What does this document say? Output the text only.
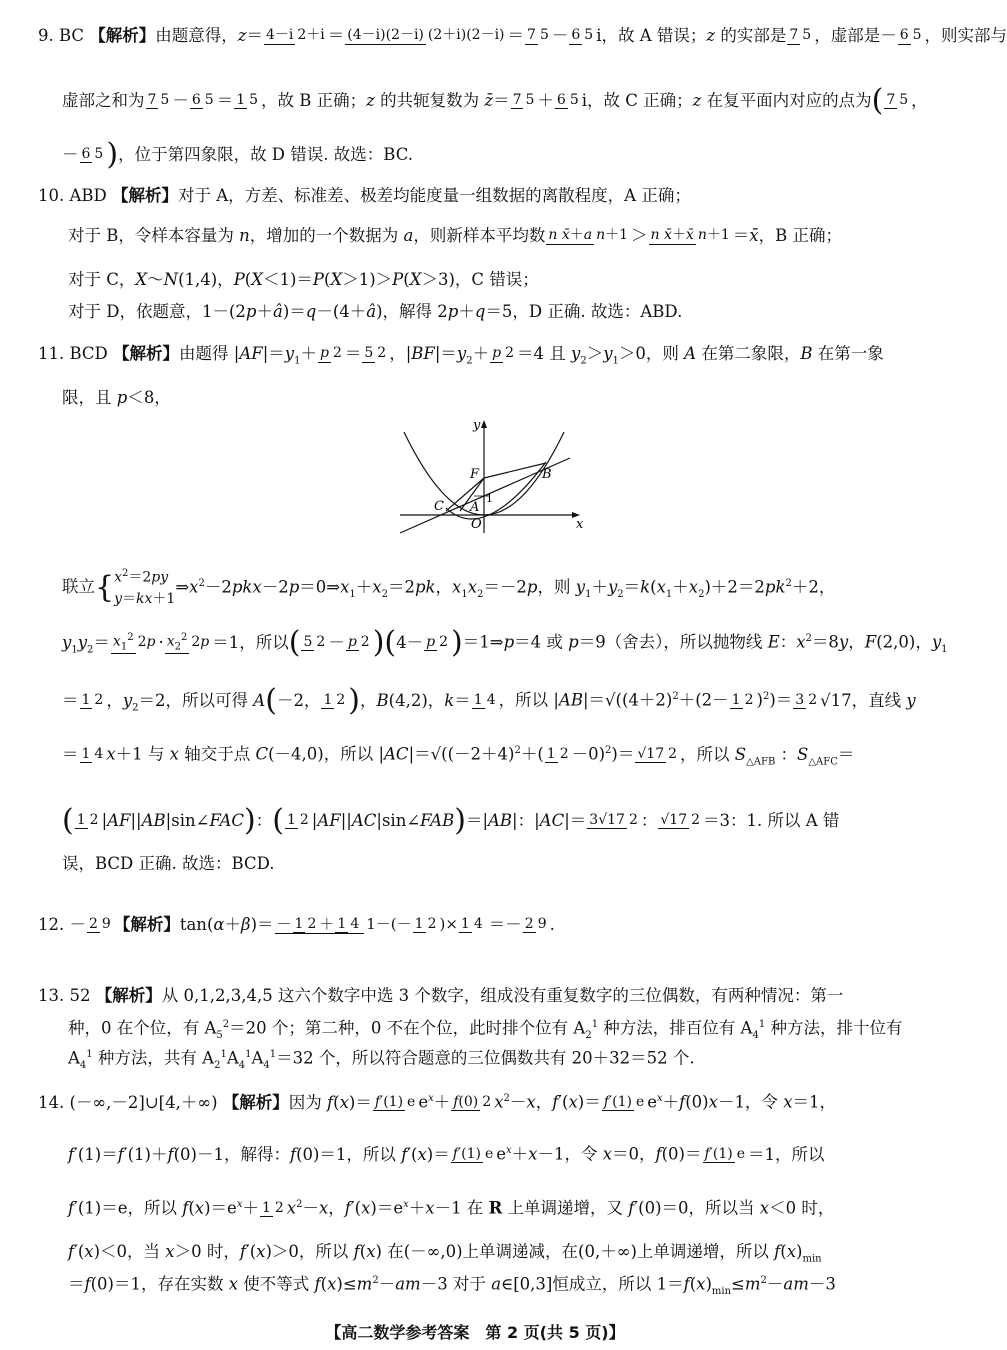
9. BC 【解析】由题意得，z＝ 4－i 2＋i ＝ (4－i)(2－i) (2＋i)(2－i) ＝ 7 5 － 6 5 i，故 A 错误；z 的实部是 7 5 ，虚部是－ 6 5 ，则实部与
虚部之和为 7 5 － 6 5 ＝ 1 5 ，故 B 正确；z 的共轭复数为 z̄＝ 7 5 ＋ 6 5 i，故 C 正确；z 在复平面内对应的点为( 7 5 ，
－ 6 5 )，位于第四象限，故 D 错误. 故选：BC.
10. ABD 【解析】对于 A，方差、标准差、极差均能度量一组数据的离散程度，A 正确；
对于 B，令样本容量为 n，增加的一个数据为 a，则新样本平均数 n x̄＋a n＋1 ＞ n x̄＋x̄ n＋1 ＝x̄，B 正确；
对于 C，X～N(1,4)，P(X＜1)＝P(X＞1)＞P(X＞3)，C 错误；
对于 D，依题意，1－(2p＋â)＝q－(4＋â)，解得 2p＋q＝5，D 正确. 故选：ABD.
11. BCD 【解析】由题得 $|AF|=y_1+ p$ 2 ＝ 5 2 ，$|BF|=y_2+ p$ 2 ＝4 且 $y_2>y_1>0$，则 A 在第二象限，B 在第一象
限，且 p＜8，
y
x
O
F	B
C A
1
联立{ $x^2=2py$
y＝kx＋1
$\Rightarrow x^2-2pkx-2p=0\Rightarrow x_1+x_2=2pk$，$x_1x_2=-2p$，则 $y_1+y_2=k(x_1+x_2)+2=2pk^2+2$，
$y_1y_2= x_1^2$ $2p \cdot x_2^2$ 2p ＝1，所以( 5 2 － p 2 )(4－ p 2 )＝1⇒p＝4 或 p＝9（舍去），所以抛物线 E：$x^2=8y$，F(2,0)，$y_1$
＝ 1 2 ，$y_2=2$，所以可得 A(－2， 1 2 )，B(4,2)，k＝ 1 4 ，所以 $|AB|=√((4+2)^2+(2- 1$ 2 )$^2$)＝ 3 2 √17，直线 y
＝ 1 4 x＋1 与 x 轴交于点 C(－4,0)，所以 $|AC|=√((-2+4)^2+$( 1 2 －0)$^2$)＝ √17 2 ，所以 $S_{\triangle AFB}$ ：$S_{\triangle AFC}=$
( 1 2 |AF||AB|sin∠FAC)：( 1 2 |AF||AC|sin∠FAB)＝|AB|：|AC|＝ 3√17 2 ： √17 2 ＝3：1. 所以 A 错
误，BCD 正确. 故选：BCD.
12. － 2 9 【解析】tan(α＋β)＝ － 1 2 ＋ 1 4 1－(－ 1 2 )× 1 4 ＝－ 2 9 .
13. 52 【解析】从 0,1,2,3,4,5 这六个数字中选 3 个数字，组成没有重复数字的三位偶数，有两种情况：第一
种，0 在个位，有 $A_5^2=20$ 个；第二种，0 不在个位，此时排个位有 $A_2^1$ 种方法，排百位有 $A_4^1$ 种方法，排十位有
$A_4^1$ 种方法，共有 $A_2^1A_4^1A_4^1=32$ 个，所以符合题意的三位偶数共有 20＋32＝52 个.
14. (－∞,－2]∪[4,＋∞) 【解析】因为 f(x)＝ f′(1) e $e^x+ f(0)$ 2 $x^2-x$，f′(x)＝ f′(1) e $e^x+f(0)x-1$，令 x＝1，
f′(1)＝f′(1)＋f(0)－1，解得：f(0)＝1，所以 f′(x)＝ f′(1) e $e^x+x-1$，令 x＝0，f(0)＝ f′(1) e ＝1，所以
f′(1)＝e，所以 $f(x)=e^x+ 1$ 2 $x^2-x$，$f'(x)=e^x+x-1$ 在 R 上单调递增，又 f′(0)＝0，所以当 x＜0 时，
f′(x)＜0，当 x＞0 时，f′(x)＞0，所以 f(x) 在(－∞,0)上单调递减，在(0,＋∞)上单调递增，所以 $f(x)_{min}$
＝f(0)＝1，存在实数 x 使不等式 $f(x)\le m^2-am-3$ 对于 a∈[0,3]恒成立，所以 $1=f(x)_{min}\le m^2-am-3$
【高二数学参考答案　第 2 页(共 5 页)】
